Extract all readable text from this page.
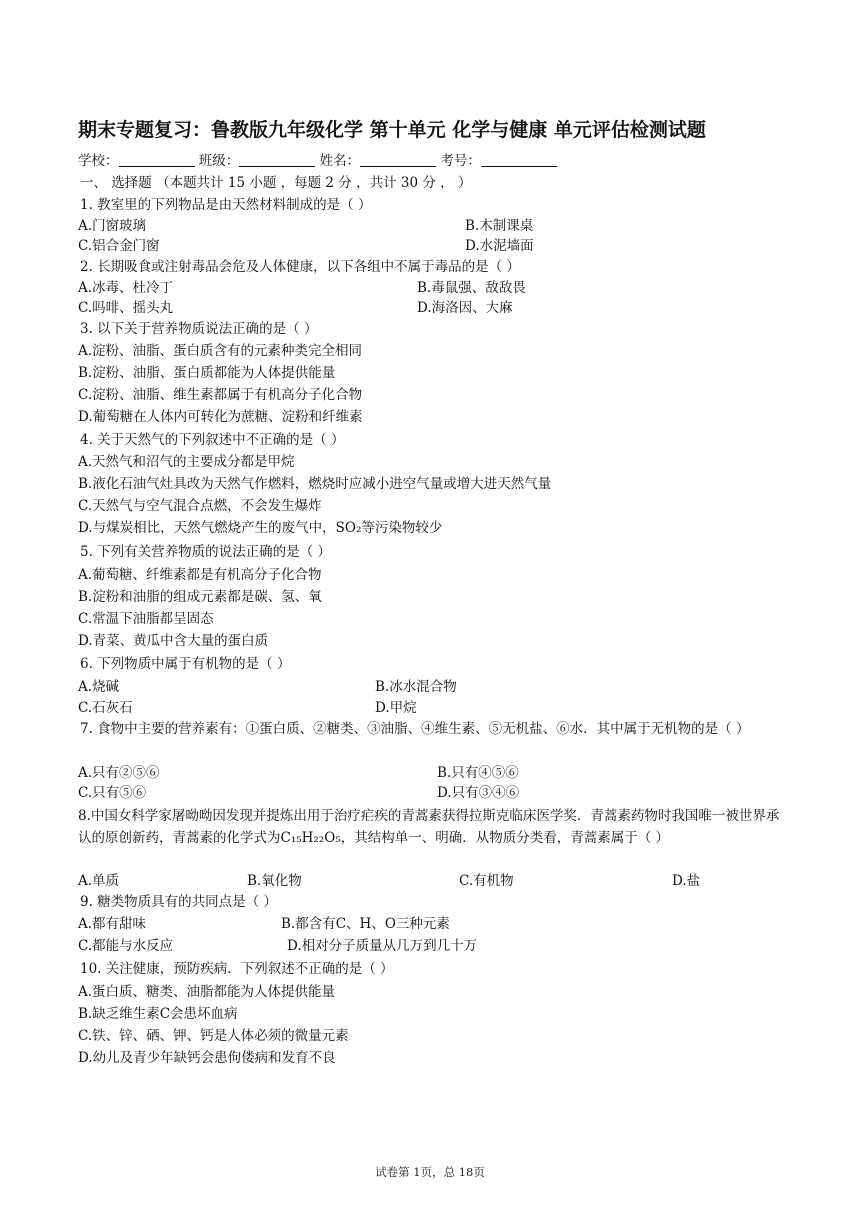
期末专题复习：鲁教版九年级化学 第十单元 化学与健康 单元评估检测试题
学校：	班级：	姓名：	考号：
一、 选择题 （本题共计 15 小题 ，每题 2 分 ，共计 30 分 ， ）
1. 教室里的下列物品是由天然材料制成的是（ ）
A.门窗玻璃	B.木制课桌
C.铝合金门窗	D.水泥墙面
2. 长期吸食或注射毒品会危及人体健康，以下各组中不属于毒品的是（ ）
A.冰毒、杜冷丁	B.毒鼠强、敌敌畏
C.吗啡、摇头丸	D.海洛因、大麻
3. 以下关于营养物质说法正确的是（ ）
A.淀粉、油脂、蛋白质含有的元素种类完全相同
B.淀粉、油脂、蛋白质都能为人体提供能量
C.淀粉、油脂、维生素都属于有机高分子化合物
D.葡萄糖在人体内可转化为蔗糖、淀粉和纤维素
4. 关于天然气的下列叙述中不正确的是（ ）
A.天然气和沼气的主要成分都是甲烷
B.液化石油气灶具改为天然气作燃料，燃烧时应减小进空气量或增大进天然气量
C.天然气与空气混合点燃，不会发生爆炸
D.与煤炭相比，天然气燃烧产生的废气中，SO₂等污染物较少
5. 下列有关营养物质的说法正确的是（ ）
A.葡萄糖、纤维素都是有机高分子化合物
B.淀粉和油脂的组成元素都是碳、氢、氧
C.常温下油脂都呈固态
D.青菜、黄瓜中含大量的蛋白质
6. 下列物质中属于有机物的是（ ）
A.烧碱	B.冰水混合物
C.石灰石	D.甲烷
7. 食物中主要的营养素有：①蛋白质、②糖类、③油脂、④维生素、⑤无机盐、⑥水．其中属于无机物的是（ ）
A.只有②⑤⑥	B.只有④⑤⑥
C.只有⑤⑥	D.只有③④⑥
8.中国女科学家屠呦呦因发现并提炼出用于治疗疟疾的青蒿素获得拉斯克临床医学奖．青蒿素药物时我国唯一被世界承认的原创新药，青蒿素的化学式为C₁₅H₂₂O₅，其结构单一、明确．从物质分类看，青蒿素属于（ ）
A.单质	B.氧化物	C.有机物	D.盐
9. 糖类物质具有的共同点是（ ）
A.都有甜味	B.都含有C、H、O三种元素
C.都能与水反应	D.相对分子质量从几万到几十万
10. 关注健康，预防疾病．下列叙述不正确的是（ ）
A.蛋白质、糖类、油脂都能为人体提供能量
B.缺乏维生素C会患坏血病
C.铁、锌、硒、钾、钙是人体必须的微量元素
D.幼儿及青少年缺钙会患佝偻病和发育不良
试卷第 1页，总 18页
